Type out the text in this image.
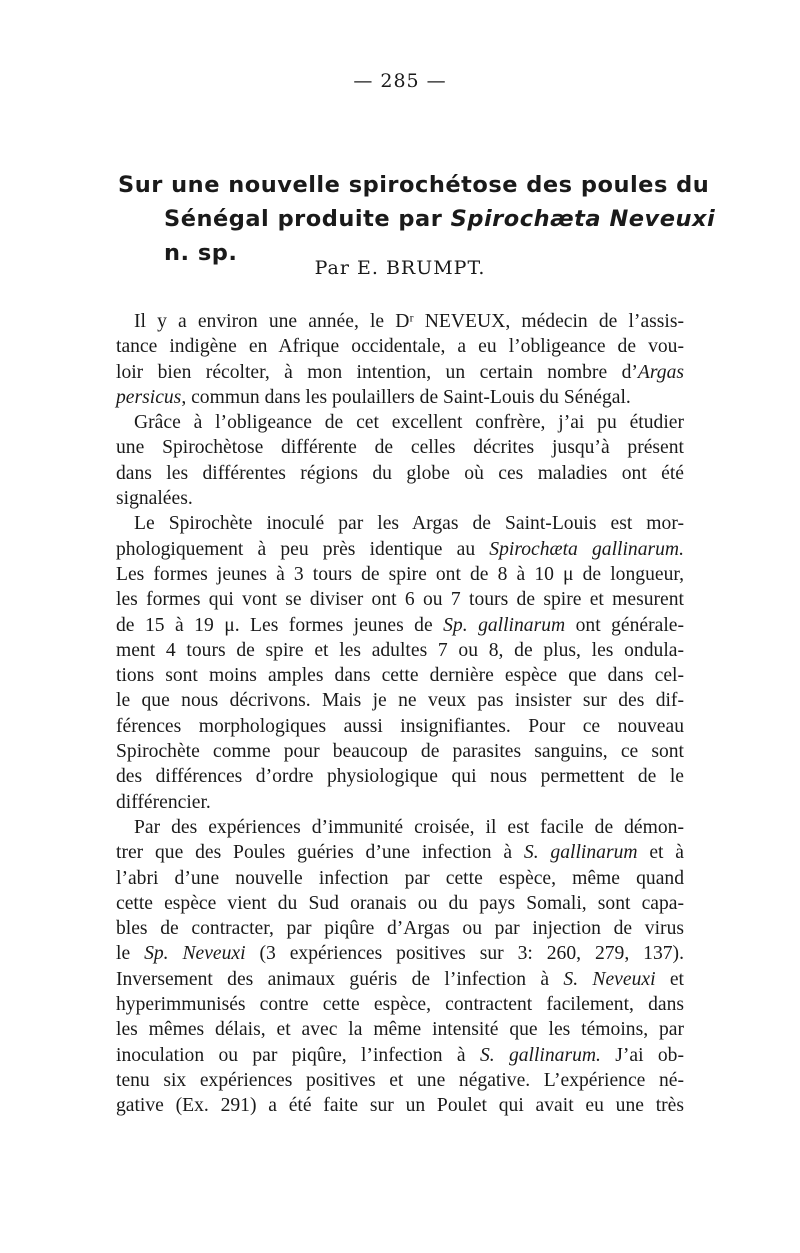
— 285 —
Sur une nouvelle spirochétose des poules du
Sénégal produite par Spirochæta Neveuxi n. sp.
Par E. BRUMPT.
Il y a environ une année, le Dʳ NEVEUX, médecin de l’assis-
tance indigène en Afrique occidentale, a eu l’obligeance de vou-
loir bien récolter, à mon intention, un certain nombre d’Argas
persicus, commun dans les poulaillers de Saint-Louis du Sénégal.
Grâce à l’obligeance de cet excellent confrère, j’ai pu étudier
une Spirochètose différente de celles décrites jusqu’à présent
dans les différentes régions du globe où ces maladies ont été
signalées.
Le Spirochète inoculé par les Argas de Saint-Louis est mor-
phologiquement à peu près identique au Spirochæta gallinarum.
Les formes jeunes à 3 tours de spire ont de 8 à 10 μ de longueur,
les formes qui vont se diviser ont 6 ou 7 tours de spire et mesurent
de 15 à 19 μ. Les formes jeunes de Sp. gallinarum ont générale-
ment 4 tours de spire et les adultes 7 ou 8, de plus, les ondula-
tions sont moins amples dans cette dernière espèce que dans cel-
le que nous décrivons. Mais je ne veux pas insister sur des dif-
férences morphologiques aussi insignifiantes. Pour ce nouveau
Spirochète comme pour beaucoup de parasites sanguins, ce sont
des différences d’ordre physiologique qui nous permettent de le
différencier.
Par des expériences d’immunité croisée, il est facile de démon-
trer que des Poules guéries d’une infection à S. gallinarum et à
l’abri d’une nouvelle infection par cette espèce, même quand
cette espèce vient du Sud oranais ou du pays Somali, sont capa-
bles de contracter, par piqûre d’Argas ou par injection de virus
le Sp. Neveuxi (3 expériences positives sur 3: 260, 279, 137).
Inversement des animaux guéris de l’infection à S. Neveuxi et
hyperimmunisés contre cette espèce, contractent facilement, dans
les mêmes délais, et avec la même intensité que les témoins, par
inoculation ou par piqûre, l’infection à S. gallinarum. J’ai ob-
tenu six expériences positives et une négative. L’expérience né-
gative (Ex. 291) a été faite sur un Poulet qui avait eu une très
